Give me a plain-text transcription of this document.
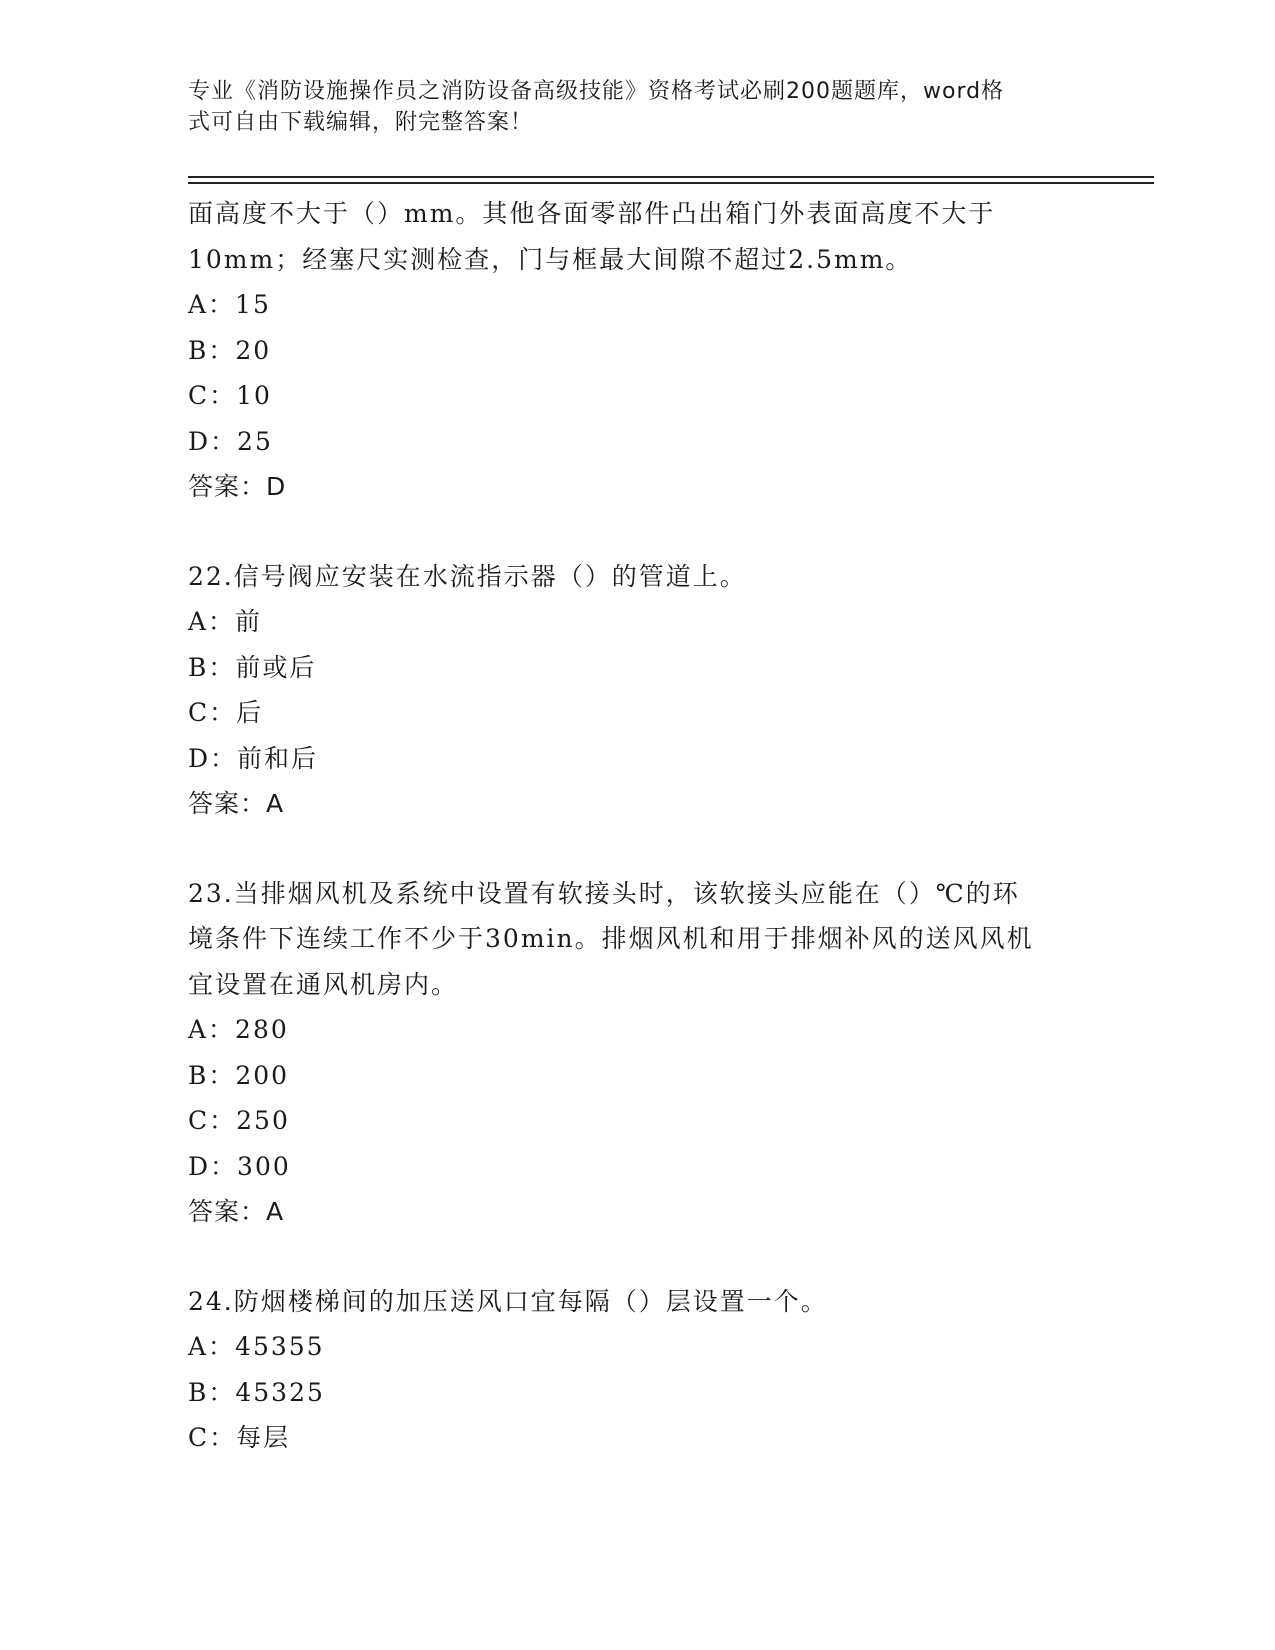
专业《消防设施操作员之消防设备高级技能》资格考试必刷200题题库，word格
式可自由下载编辑，附完整答案！
面高度不大于（）mm。其他各面零部件凸出箱门外表面高度不大于
10mm；经塞尺实测检查，门与框最大间隙不超过2.5mm。
A：15
B：20
C：10
D：25
答案：D
22.信号阀应安装在水流指示器（）的管道上。
A：前
B：前或后
C：后
D：前和后
答案：A
23.当排烟风机及系统中设置有软接头时，该软接头应能在（）℃的环
境条件下连续工作不少于30min。排烟风机和用于排烟补风的送风风机
宜设置在通风机房内。
A：280
B：200
C：250
D：300
答案：A
24.防烟楼梯间的加压送风口宜每隔（）层设置一个。
A：45355
B：45325
C：每层
